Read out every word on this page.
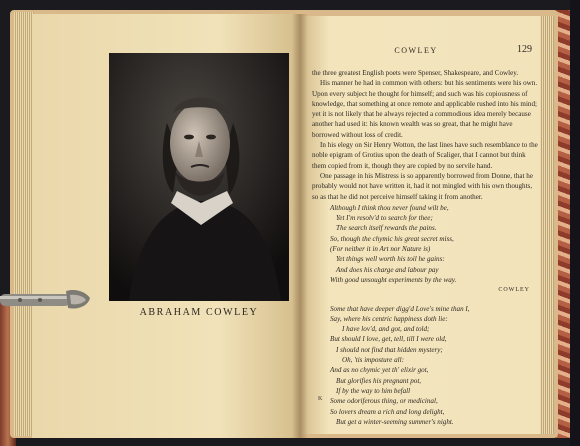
ABRAHAM COWLEY
COWLEY	129

the three greatest English poets were Spenser, Shakespeare, and Cowley.

His manner he had in common with others: but his sentiments were his own. Upon every subject he thought for himself; and such was his copiousness of knowledge, that something at once remote and applicable rushed into his mind; yet it is not likely that he always rejected a commodious idea merely because another had used it: his known wealth was so great, that he might have borrowed without loss of credit.

In his elegy on Sir Henry Wotton, the last lines have such resemblance to the noble epigram of Grotius upon the death of Scaliger, that I cannot but think them copied from it, though they are copied by no servile hand.

One passage in his Mistress is so apparently borrowed from Donne, that he probably would not have written it, had it not mingled with his own thoughts, so as that he did not perceive himself taking it from another.

Although I think thou never found wilt be,
Yet I'm resolv'd to search for thee;
The search itself rewards the pains.
So, though the chymic his great secret miss,
(For neither it in Art nor Nature is)
Yet things well worth his toil he gains:
And does his charge and labour pay
With good unsought experiments by the way.
COWLEY
Some that have deeper digg'd Love's mine than I,
Say, where his centric happiness doth lie:
I have lov'd, and got, and told;
But should I love, get, tell, till I were old,
I should not find that hidden mystery;
Oh, 'tis imposture all:
And as no chymic yet th' elixir got,
But glorifies his pregnant pot,
If by the way to him befall
Some odoriferous thing, or medicinal,
So lovers dream a rich and long delight,
But get a winter-seeming summer's night.
K
